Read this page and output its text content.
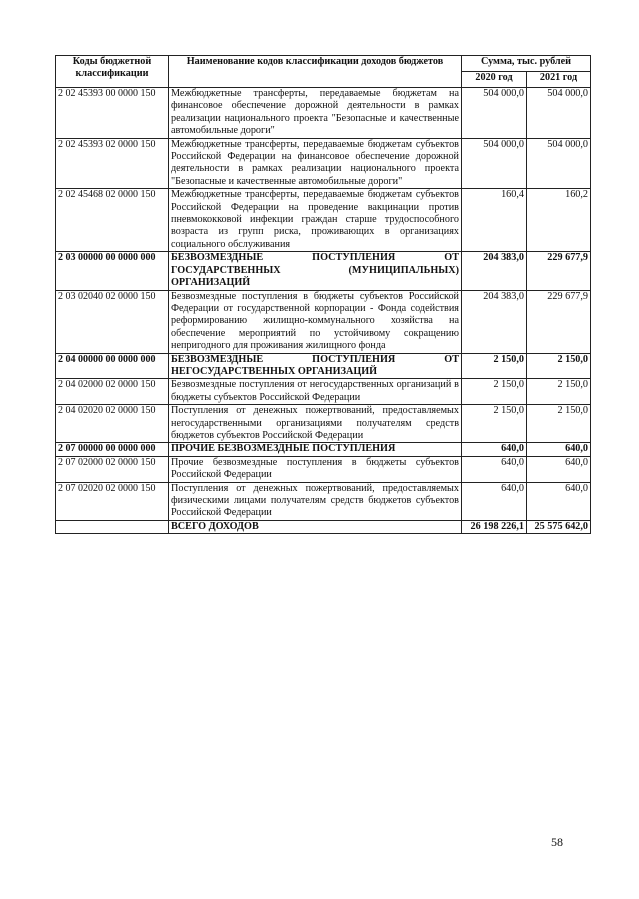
Коды бюджетной классификации	Наименование кодов классификации доходов бюджетов	Сумма, тыс. рублей	
		2020 год	2021 год
2 02 45393 00 0000 150	Межбюджетные трансферты, передаваемые бюджетам на финансовое обеспечение дорожной деятельности в рамках реализации национального проекта "Безопасные и качественные автомобильные дороги"	504 000,0	504 000,0
2 02 45393 02 0000 150	Межбюджетные трансферты, передаваемые бюджетам субъектов Российской Федерации на финансовое обеспечение дорожной деятельности в рамках реализации национального проекта "Безопасные и качественные автомобильные дороги"	504 000,0	504 000,0
2 02 45468 02 0000 150	Межбюджетные трансферты, передаваемые бюджетам субъектов Российской Федерации на проведение вакцинации против пневмококковой инфекции граждан старше трудоспособного возраста из групп риска, проживающих в организациях социального обслуживания	160,4	160,2
2 03 00000 00 0000 000	БЕЗВОЗМЕЗДНЫЕ ПОСТУПЛЕНИЯ ОТ ГОСУДАРСТВЕННЫХ (МУНИЦИПАЛЬНЫХ) ОРГАНИЗАЦИЙ	204 383,0	229 677,9
2 03 02040 02 0000 150	Безвозмездные поступления в бюджеты субъектов Российской Федерации от государственной корпорации - Фонда содействия реформированию жилищно-коммунального хозяйства на обеспечение мероприятий по устойчивому сокращению непригодного для проживания жилищного фонда	204 383,0	229 677,9
2 04 00000 00 0000 000	БЕЗВОЗМЕЗДНЫЕ ПОСТУПЛЕНИЯ ОТ НЕГОСУДАРСТВЕННЫХ ОРГАНИЗАЦИЙ	2 150,0	2 150,0
2 04 02000 02 0000 150	Безвозмездные поступления от негосударственных организаций в бюджеты субъектов Российской Федерации	2 150,0	2 150,0
2 04 02020 02 0000 150	Поступления от денежных пожертвований, предоставляемых негосударственными организациями получателям средств бюджетов субъектов Российской Федерации	2 150,0	2 150,0
2 07 00000 00 0000 000	ПРОЧИЕ БЕЗВОЗМЕЗДНЫЕ ПОСТУПЛЕНИЯ	640,0	640,0
2 07 02000 02 0000 150	Прочие безвозмездные поступления в бюджеты субъектов Российской Федерации	640,0	640,0
2 07 02020 02 0000 150	Поступления от денежных пожертвований, предоставляемых физическими лицами получателям средств бюджетов субъектов Российской Федерации	640,0	640,0
	ВСЕГО ДОХОДОВ	26 198 226,1	25 575 642,0
58
